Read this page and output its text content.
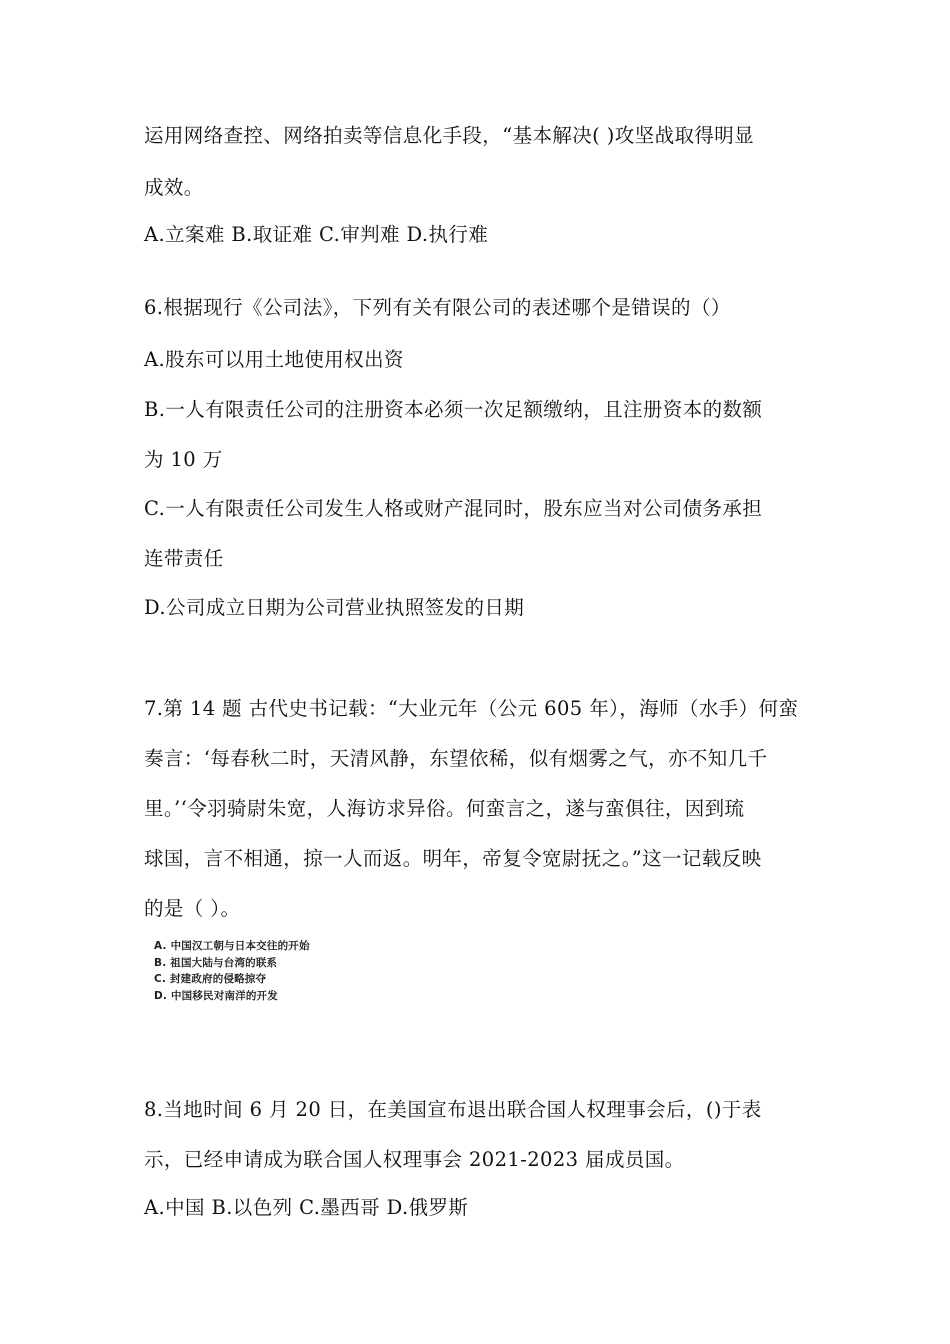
运用网络查控、网络拍卖等信息化手段，“基本解决( )攻坚战取得明显
成效。
A.立案难 B.取证难 C.审判难 D.执行难
6.根据现行《公司法》，下列有关有限公司的表述哪个是错误的（）
A.股东可以用土地使用权出资
B.一人有限责任公司的注册资本必须一次足额缴纳，且注册资本的数额
为 10 万
C.一人有限责任公司发生人格或财产混同时，股东应当对公司债务承担
连带责任
D.公司成立日期为公司营业执照签发的日期
7.第 14 题 古代史书记载：“大业元年（公元 605 年），海师（水手）何蛮
奏言：‘每春秋二时，天清风静，东望依稀，似有烟雾之气，亦不知几千
里。’‘令羽骑尉朱宽，人海访求异俗。何蛮言之，遂与蛮俱往，因到琉
球国，言不相通，掠一人而返。明年，帝复令宽尉抚之。”这一记载反映
的是（ ）。
A. 中国汉工朝与日本交往的开始
B. 祖国大陆与台湾的联系
C. 封建政府的侵略掠夺
D. 中国移民对南洋的开发
8.当地时间 6 月 20 日，在美国宣布退出联合国人权理事会后，()于表
示，已经申请成为联合国人权理事会 2021-2023 届成员国。
A.中国 B.以色列 C.墨西哥 D.俄罗斯
